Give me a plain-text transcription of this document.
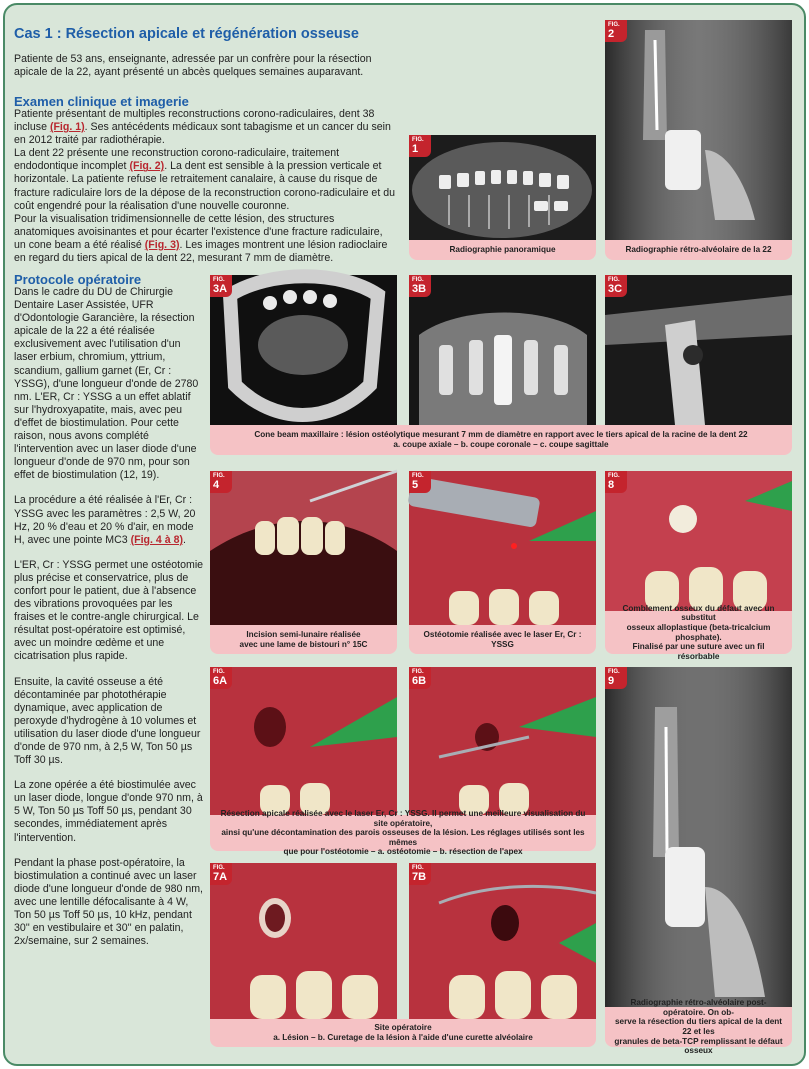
Cas 1 : Résection apicale et régénération osseuse

Patiente de 53 ans, enseignante, adressée par un confrère pour la résection apicale de la 22, ayant présenté un abcès quelques semaines auparavant.

Examen clinique et imagerie

Patiente présentant de multiples reconstructions corono-radiculaires, dent 38 incluse (Fig. 1). Ses antécédents médicaux sont tabagisme et un cancer du sein en 2012 traité par radiothérapie.

La dent 22 présente une reconstruction corono-radiculaire, traitement endodontique incomplet (Fig. 2). La dent est sensible à la pression verticale et horizontale. La patiente refuse le retraitement canalaire, à cause du risque de fracture radiculaire lors de la dépose de la reconstruction corono-radiculaire et du coût engendré pour la réalisation d'une nouvelle couronne.

Pour la visualisation tridimensionnelle de cette lésion, des structures anatomiques avoisinantes et pour écarter l'existence d'une fracture radiculaire, un cone beam a été réalisé (Fig. 3). Les images montrent une lésion radioclaire en regard du tiers apical de la dent 22, mesurant 7 mm de diamètre.

Protocole opératoire

Dans le cadre du DU de Chirurgie Dentaire Laser Assistée, UFR d'Odontologie Garancière, la résection apicale de la 22 a été réalisée exclusivement avec l'utilisation d'un laser erbium, chromium, yttrium, scandium, gallium garnet (Er, Cr : YSSG), d'une longueur d'onde de 2780 nm. L'ER, Cr : YSSG a un effet ablatif sur l'hydroxyapatite, mais, avec peu d'effet de biostimulation. Pour cette raison, nous avons complété l'intervention avec un laser diode d'une longueur d'onde de 970 nm, pour son effet de biostimulation (12, 19).

La procédure a été réalisée à l'Er, Cr : YSSG avec les paramètres : 2,5 W, 20 Hz, 20 % d'eau et 20 % d'air, en mode H, avec une pointe MC3 (Fig. 4 à 8).

L'ER, Cr : YSSG permet une ostéotomie plus précise et conservatrice, plus de confort pour le patient, due à l'absence des vibrations provoquées par les fraises et le contre-angle chirurgical. Le résultat post-opératoire est optimisé, avec un moindre œdème et une cicatrisation plus rapide.

Ensuite, la cavité osseuse a été décontaminée par photothérapie dynamique, avec application de peroxyde d'hydrogène à 10 volumes et utilisation du laser diode d'une longueur d'onde de 970 nm, à 2,5 W, Ton 50 µs Toff 30 µs.

La zone opérée a été biostimulée avec un laser diode, longue d'onde 970 nm, à 5 W, Ton 50 µs Toff 50 µs, pendant 30 secondes, immédiatement après l'intervention.

Pendant la phase post-opératoire, la biostimulation a continué avec un laser diode d'une longueur d'onde de 980 nm, avec une lentille défocalisante à 4 W, Ton 50 µs Toff 50 µs, 10 kHz, pendant 30'' en vestibulaire et 30'' en palatin, 2x/semaine, sur 2 semaines.

FIG.
1
Radiographie panoramique
FIG.
2
Radiographie rétro-alvéolaire de la 22
FIG.
3A
FIG.
3B
FIG.
3C
Cone beam maxillaire : lésion ostéolytique mesurant 7 mm de diamètre en rapport avec le tiers apical de la racine de la dent 22
a. coupe axiale – b. coupe coronale – c. coupe sagittale
FIG.
4
Incision semi-lunaire réalisée
avec une lame de bistouri n° 15C
FIG.
5
Ostéotomie réalisée avec le laser Er, Cr : YSSG
FIG.
8
Comblement osseux du défaut avec un substitut
osseux alloplastique (beta-tricalcium phosphate).
Finalisé par une suture avec un fil résorbable
FIG.
6A
FIG.
6B
Résection apicale réalisée avec le laser Er, Cr : YSSG. Il permet une meilleure visualisation du site opératoire,
ainsi qu'une décontamination des parois osseuses de la lésion. Les réglages utilisés sont les mêmes
que pour l'ostéotomie – a. ostéotomie – b. résection de l'apex
FIG.
7A
FIG.
7B
Site opératoire
a. Lésion – b. Curetage de la lésion à l'aide d'une curette alvéolaire
FIG.
9
Radiographie rétro-alvéolaire post-opératoire. On ob-
serve la résection du tiers apical de la dent 22 et les
granules de beta-TCP remplissant le défaut osseux
